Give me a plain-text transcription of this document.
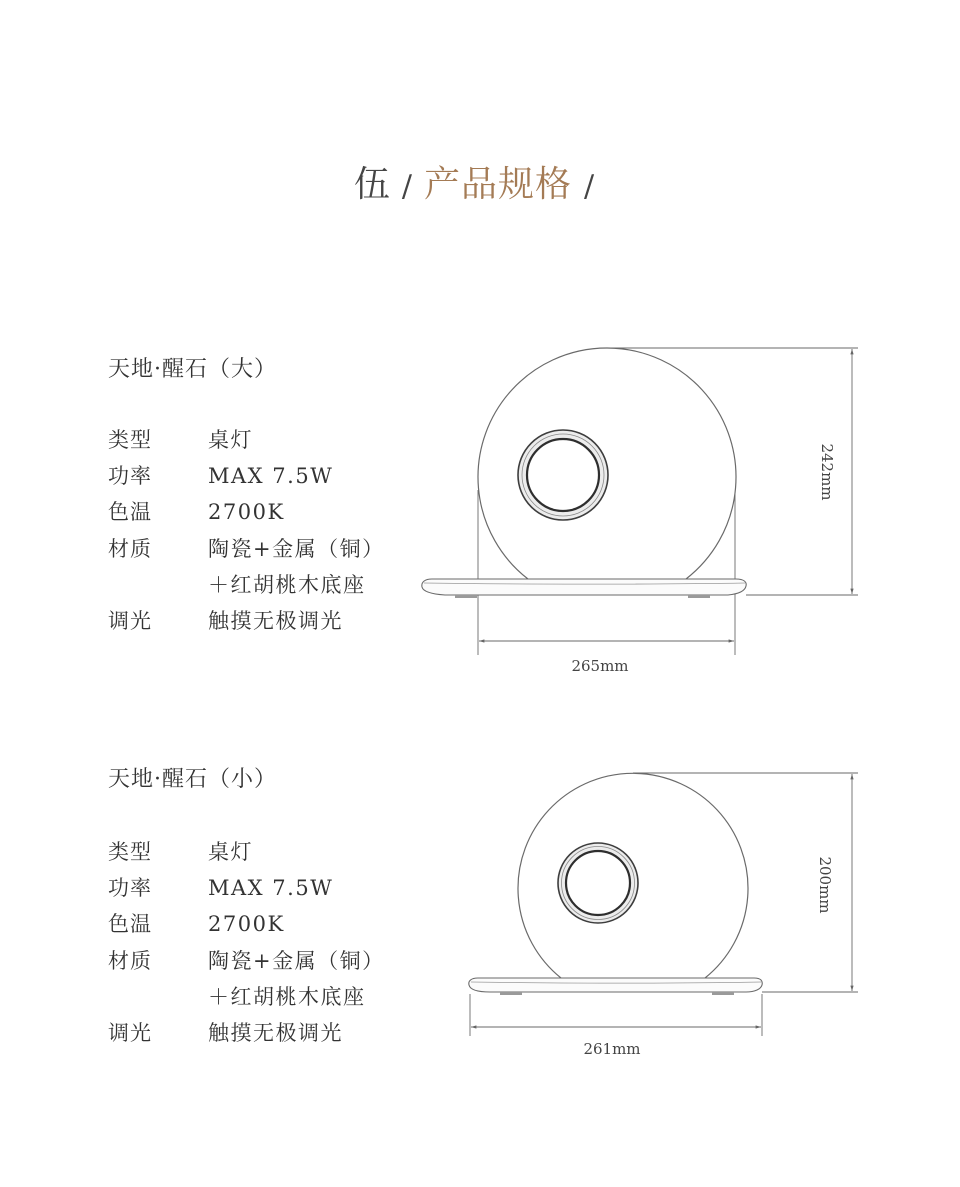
伍 / 产品规格 /
天地·醒石（大）
类型	桌灯
功率	MAX 7.5W
色温	2700K
材质	陶瓷+金属（铜）
＋红胡桃木底座
调光	触摸无极调光
242mm
265mm
天地·醒石（小）
类型	桌灯
功率	MAX 7.5W
色温	2700K
材质	陶瓷+金属（铜）
＋红胡桃木底座
调光	触摸无极调光
200mm
261mm
